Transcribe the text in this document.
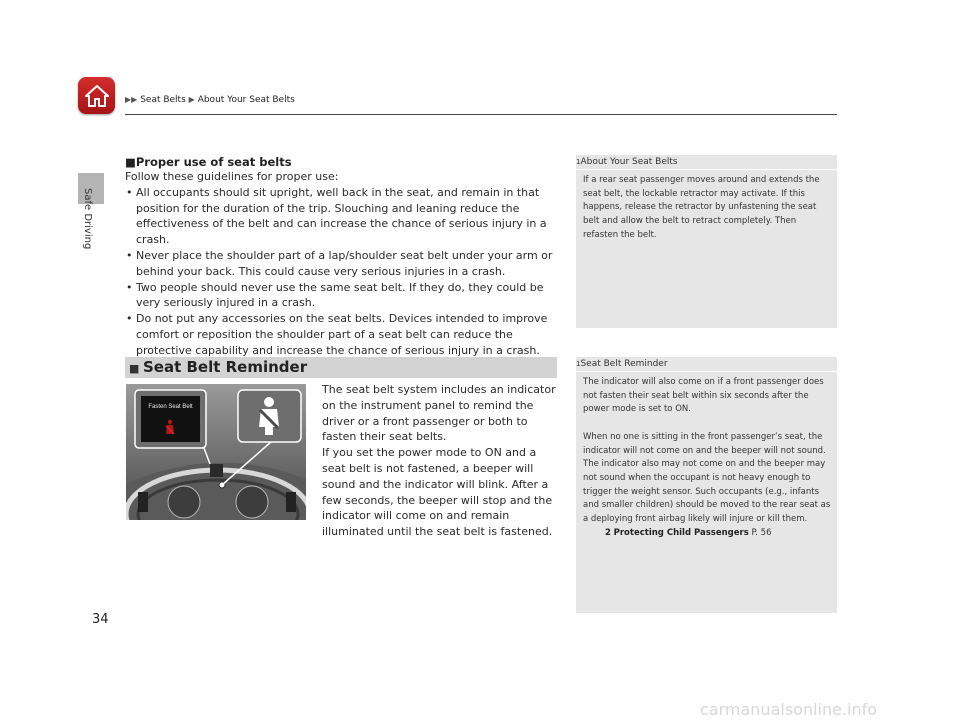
▶▶ Seat Belts ▶ About Your Seat Belts
Safe Driving

■Proper use of seat belts

Follow these guidelines for proper use:

• All occupants should sit upright, well back in the seat, and remain in that position for the duration of the trip. Slouching and leaning reduce the effectiveness of the belt and can increase the chance of serious injury in a crash.
• Never place the shoulder part of a lap/shoulder seat belt under your arm or behind your back. This could cause very serious injuries in a crash.
• Two people should never use the same seat belt. If they do, they could be very seriously injured in a crash.
• Do not put any accessories on the seat belts. Devices intended to improve comfort or reposition the shoulder part of a seat belt can reduce the protective capability and increase the chance of serious injury in a crash.
■ Seat Belt Reminder
Fasten Seat Belt
The seat belt system includes an indicator on the instrument panel to remind the driver or a front passenger or both to fasten their seat belts.
If you set the power mode to ON and a seat belt is not fastened, a beeper will sound and the indicator will blink. After a few seconds, the beeper will stop and the indicator will come on and remain illuminated until the seat belt is fastened.
1About Your Seat Belts

If a rear seat passenger moves around and extends the seat belt, the lockable retractor may activate. If this happens, release the retractor by unfastening the seat belt and allow the belt to retract completely. Then refasten the belt.

1Seat Belt Reminder

The indicator will also come on if a front passenger does not fasten their seat belt within six seconds after the power mode is set to ON.

When no one is sitting in the front passenger’s seat, the indicator will not come on and the beeper will not sound.

The indicator also may not come on and the beeper may not sound when the occupant is not heavy enough to trigger the weight sensor. Such occupants (e.g., infants and smaller children) should be moved to the rear seat as a deploying front airbag likely will injure or kill them.

2 Protecting Child Passengers P. 56

34
carmanualsonline.info
